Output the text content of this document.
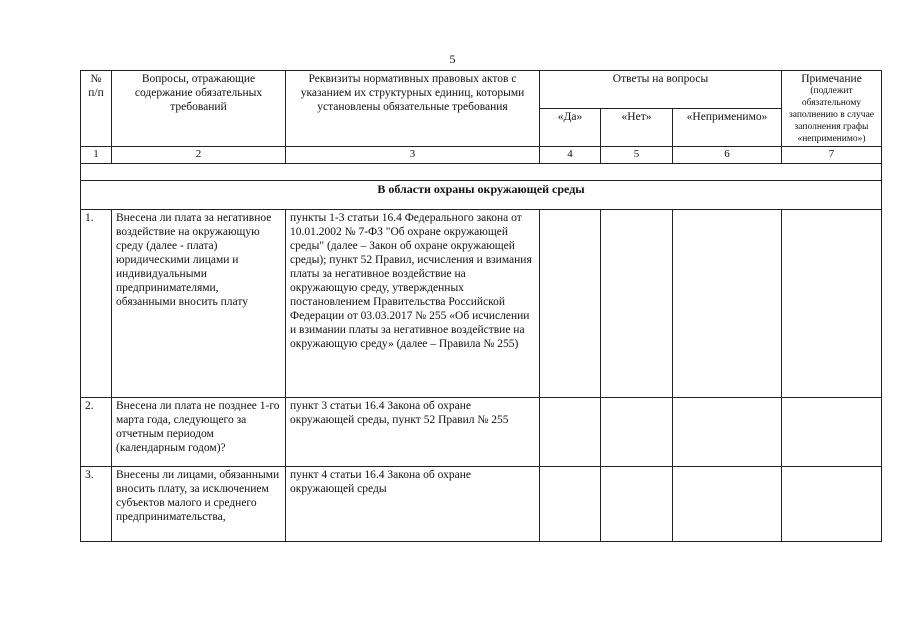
5
№ п/п	Вопросы, отражающие содержание обязательных требований	Реквизиты нормативных правовых актов с указанием их структурных единиц, которыми установлены обязательные требования	Ответы на вопросы			Примечание
(подлежит обязательному заполнению в случае заполнения графы «неприменимо»)

			«Да»	«Нет»	«Неприменимо»	
1	2	3	4	5	6	7

В области охраны окружающей среды						
1.	Внесена ли плата за негативное воздействие на окружающую среду (далее - плата) юридическими лицами и индивидуальными предпринимателями, обязанными вносить плату	пункты 1-3 статьи 16.4 Федерального закона от 10.01.2002 № 7-ФЗ "Об охране окружающей среды" (далее – Закон об охране окружающей среды); пункт 52 Правил, исчисления и взимания платы за негативное воздействие на окружающую среду, утвержденных постановлением Правительства Российской Федерации от 03.03.2017 № 255 «Об исчислении и взимании платы за негативное воздействие на окружающую среду» (далее – Правила № 255)				
2.	Внесена ли плата не позднее 1-го марта года, следующего за отчетным периодом (календарным годом)?	пункт 3 статьи 16.4 Закона об охране окружающей среды, пункт 52 Правил № 255				
3.	Внесены ли лицами, обязанными вносить плату, за исключением субъектов малого и среднего предпринимательства,	пункт 4 статьи 16.4 Закона об охране окружающей среды				
